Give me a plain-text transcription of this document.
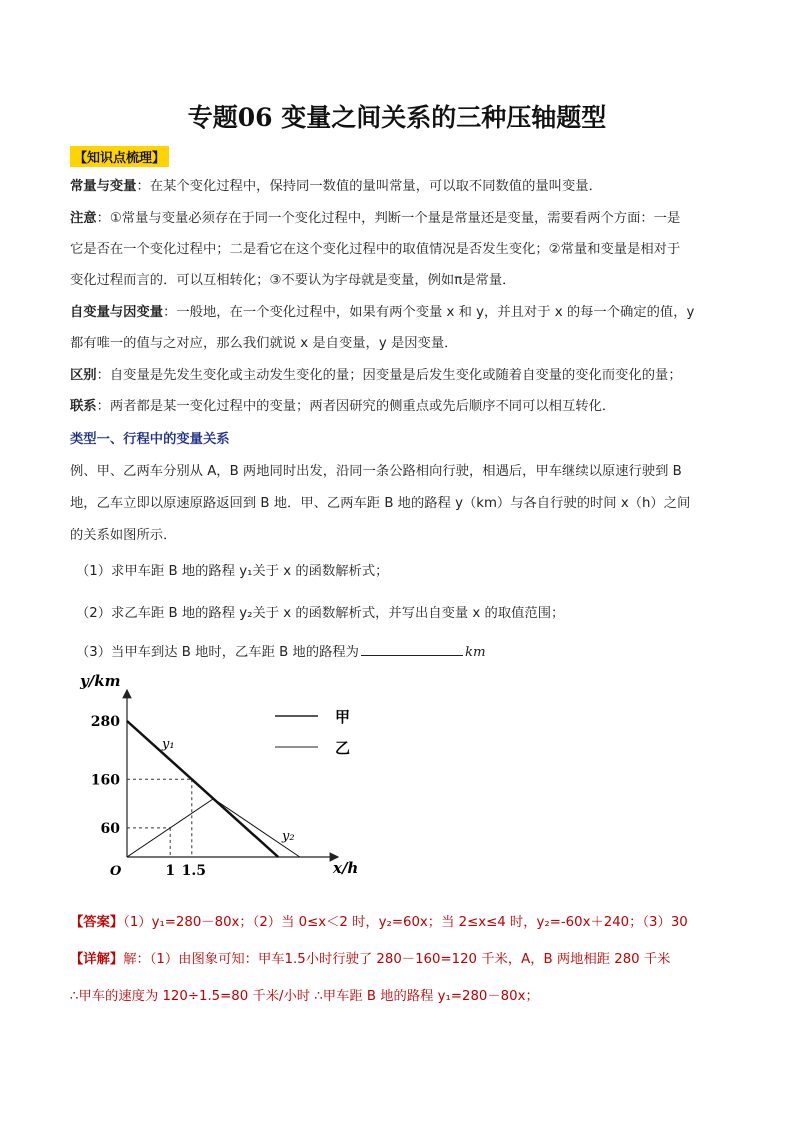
专题06 变量之间关系的三种压轴题型
【知识点梳理】
常量与变量：在某个变化过程中，保持同一数值的量叫常量，可以取不同数值的量叫变量．
注意：①常量与变量必须存在于同一个变化过程中，判断一个量是常量还是变量，需要看两个方面：一是
它是否在一个变化过程中；二是看它在这个变化过程中的取值情况是否发生变化；②常量和变量是相对于
变化过程而言的．可以互相转化；③不要认为字母就是变量，例如π是常量．
自变量与因变量：一般地，在一个变化过程中，如果有两个变量 x 和 y，并且对于 x 的每一个确定的值，y
都有唯一的值与之对应，那么我们就说 x 是自变量，y 是因变量．
区别：自变量是先发生变化或主动发生变化的量；因变量是后发生变化或随着自变量的变化而变化的量；
联系：两者都是某一变化过程中的变量；两者因研究的侧重点或先后顺序不同可以相互转化．
类型一、行程中的变量关系
例、甲、乙两车分别从 A，B 两地同时出发，沿同一条公路相向行驶，相遇后，甲车继续以原速行驶到 B
地，乙车立即以原速原路返回到 B 地．甲、乙两车距 B 地的路程 y（km）与各自行驶的时间 x（h）之间
的关系如图所示．
（1）求甲车距 B 地的路程 y₁关于 x 的函数解析式；
（2）求乙车距 B 地的路程 y₂关于 x 的函数解析式，并写出自变量 x 的取值范围；
（3）当甲车到达 B 地时，乙车距 B 地的路程为	km
y/km
x/h
O
y₁
y₂
280
160
60
1 1.5
甲
乙
【答案】（1）y₁=280－80x；（2）当 0≤x＜2 时，y₂=60x；当 2≤x≤4 时，y₂=-60x＋240；（3）30
【详解】解：（1）由图象可知：甲车1.5小时行驶了 280－160=120 千米，A，B 两地相距 280 千米
∴甲车的速度为 120÷1.5=80 千米/小时 ∴甲车距 B 地的路程 y₁=280－80x；
